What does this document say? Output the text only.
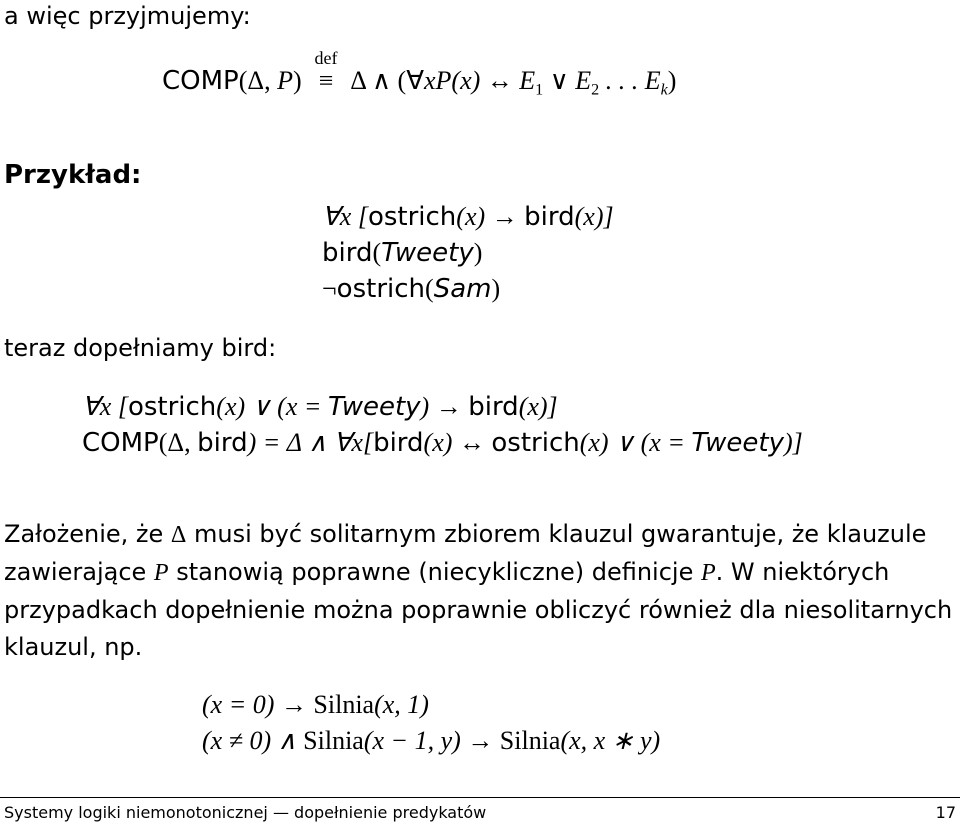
a więc przyjmujemy:
COMP(Δ, P)
def
≡ Δ ∧ (∀xP(x) ↔ $E_1$ ∨ $E_2$ . . . $E_k$)
Przykład:
∀x [ostrich(x) → bird(x)]
bird(Tweety)
¬ostrich(Sam)
teraz dopełniamy bird:
∀x [ostrich(x) ∨ (x = Tweety) → bird(x)]
COMP(Δ, bird) = Δ ∧ ∀x[bird(x) ↔ ostrich(x) ∨ (x = Tweety)]
Założenie, że Δ musi być solitarnym zbiorem klauzul gwarantuje, że klauzule
zawierające P stanowią poprawne (niecykliczne) definicje P. W niektórych
przypadkach dopełnienie można poprawnie obliczyć również dla niesolitarnych
klauzul, np.
(x = 0) → Silnia(x, 1)
(x ≠ 0) ∧ Silnia(x − 1, y) → Silnia(x, x ∗ y)
Systemy logiki niemonotonicznej — dopełnienie predykatów	17
